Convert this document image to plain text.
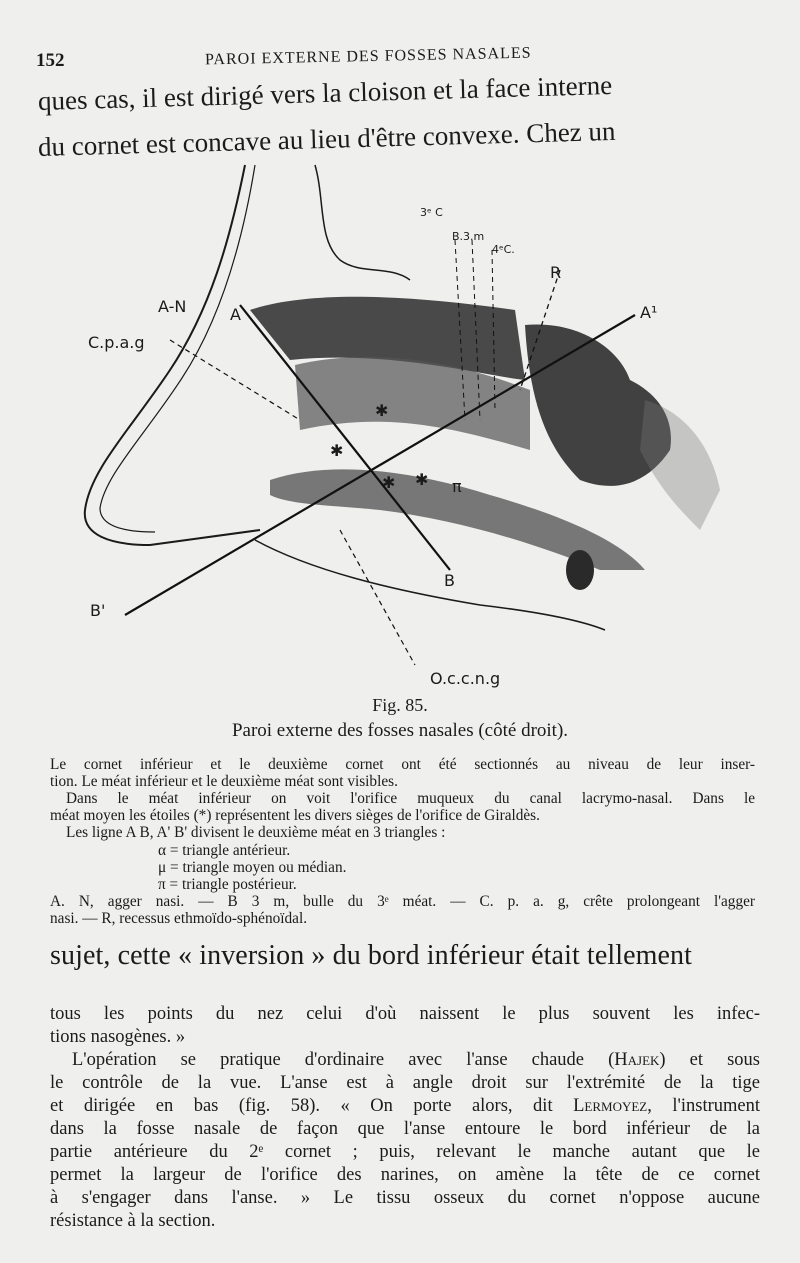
152	PAROI EXTERNE DES FOSSES NASALES
ques cas, il est dirigé vers la cloison et la face interne
du cornet est concave au lieu d'être convexe. Chez un
✱
✱ ✱
✱
3ᵉ C
B.3.m
4ᵉC.
R
A¹
A-N	A
C.p.a.g
π
B
B'
O.c.c.n.g
Fig. 85.
Paroi externe des fosses nasales (côté droit).
Le cornet inférieur et le deuxième cornet ont été sectionnés au niveau de leur inser-
tion. Le méat inférieur et le deuxième méat sont visibles.
Dans le méat inférieur on voit l'orifice muqueux du canal lacrymo-nasal. Dans le
méat moyen les étoiles (*) représentent les divers sièges de l'orifice de Giraldès.
Les ligne A B, A' B' divisent le deuxième méat en 3 triangles :
α = triangle antérieur.
μ = triangle moyen ou médian.
π = triangle postérieur.
A. N, agger nasi. — B 3 m, bulle du 3ᵉ méat. — C. p. a. g, crête prolongeant l'agger
nasi. — R, recessus ethmoïdo-sphénoïdal.
sujet, cette « inversion » du bord inférieur était tellement
tous les points du nez celui d'où naissent le plus souvent les infec-
tions nasogènes. »
L'opération se pratique d'ordinaire avec l'anse chaude (Hajek) et sous
le contrôle de la vue. L'anse est à angle droit sur l'extrémité de la tige
et dirigée en bas (fig. 58). « On porte alors, dit Lermoyez, l'instrument
dans la fosse nasale de façon que l'anse entoure le bord inférieur de la
partie antérieure du 2ᵉ cornet ; puis, relevant le manche autant que le
permet la largeur de l'orifice des narines, on amène la tête de ce cornet
à s'engager dans l'anse. » Le tissu osseux du cornet n'oppose aucune
résistance à la section.
